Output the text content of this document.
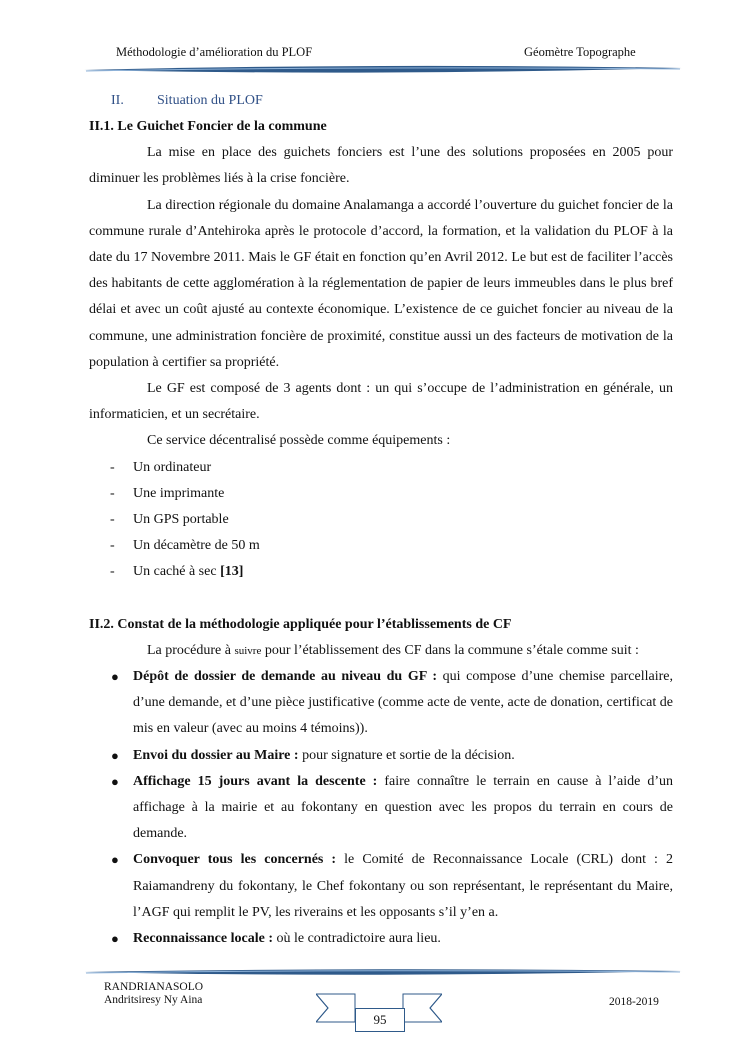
Méthodologie d’amélioration du PLOF	Géomètre Topographe
II.	Situation du PLOF

II.1. Le Guichet Foncier de la commune

La mise en place des guichets fonciers est l’une des solutions proposées en 2005 pour diminuer les problèmes liés à la crise foncière.

La direction régionale du domaine Analamanga a accordé l’ouverture du guichet foncier de la commune rurale d’Antehiroka après le protocole d’accord, la formation, et la validation du PLOF à la date du 17 Novembre 2011. Mais le GF était en fonction qu’en Avril 2012. Le but est de faciliter l’accès des habitants de cette agglomération à la réglementation de papier de leurs immeubles dans le plus bref délai et avec un coût ajusté au contexte économique. L’existence de ce guichet foncier au niveau de la commune, une administration foncière de proximité, constitue aussi un des facteurs de motivation de la population à certifier sa propriété.

Le GF est composé de 3 agents dont : un qui s’occupe de l’administration en générale, un informaticien, et un secrétaire.

Ce service décentralisé possède comme équipements :

- Un ordinateur
- Une imprimante
- Un GPS portable
- Un décamètre de 50 m
- Un caché à sec [13]

II.2. Constat de la méthodologie appliquée pour l’établissements de CF

La procédure à suivre pour l’établissement des CF dans la commune s’étale comme suit :

● Dépôt de dossier de demande au niveau du GF : qui compose d’une chemise parcellaire, d’une demande, et d’une pièce justificative (comme acte de vente, acte de donation, certificat de mis en valeur (avec au moins 4 témoins)).
● Envoi du dossier au Maire : pour signature et sortie de la décision.
● Affichage 15 jours avant la descente : faire connaître le terrain en cause à l’aide d’un affichage à la mairie et au fokontany en question avec les propos du terrain en cours de demande.
● Convoquer tous les concernés : le Comité de Reconnaissance Locale (CRL) dont : 2 Raiamandreny du fokontany, le Chef fokontany ou son représentant, le représentant du Maire, l’AGF qui remplit le PV, les riverains et les opposants s’il y’en a.
● Reconnaissance locale : où le contradictoire aura lieu.
RANDRIANASOLO
Andritsiresy Ny Aina	2018-2019
95
